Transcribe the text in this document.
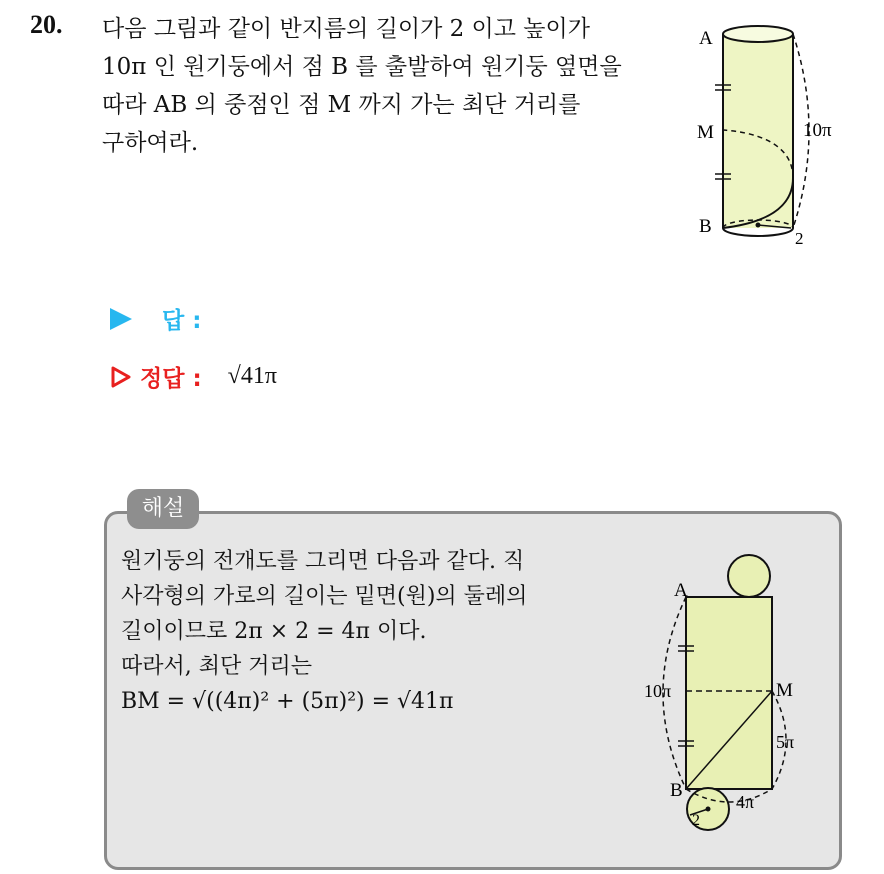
20. 다음 그림과 같이 반지름의 길이가 2 이고 높이가
10π 인 원기둥에서 점 B 를 출발하여 원기둥 옆면을
따라 AB 의 중점인 점 M 까지 가는 최단 거리를
구하여라.
A
M
B
10π
2
답 :
정답 : √41π
해설
원기둥의 전개도를 그리면 다음과 같다. 직
사각형의 가로의 길이는 밑면(원)의 둘레의
길이이므로 2π × 2 = 4π 이다.
따라서, 최단 거리는
BM = √((4π)² + (5π)²) = √41π
A
M
B
10π
5π
4π
2
